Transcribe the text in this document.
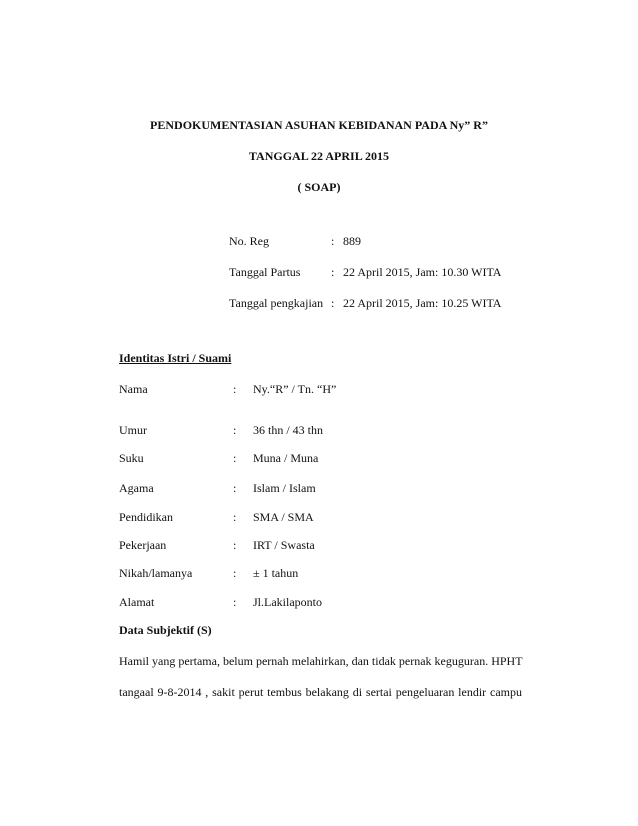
PENDOKUMENTASIAN ASUHAN KEBIDANAN PADA Ny” R”
TANGGAL 22 APRIL 2015
( SOAP)
No. Reg	: 889
Tanggal Partus	: 22 April 2015, Jam: 10.30 WITA
Tanggal pengkajian : 22 April 2015, Jam: 10.25 WITA
Identitas Istri / Suami
Nama	: Ny.“R” / Tn. “H”
Umur	: 36 thn / 43 thn
Suku	: Muna / Muna
Agama	: Islam / Islam
Pendidikan	: SMA / SMA
Pekerjaan	: IRT / Swasta
Nikah/lamanya	: ± 1 tahun
Alamat	: Jl.Lakilaponto
Data Subjektif (S)
Hamil yang pertama, belum pernah melahirkan, dan tidak pernak keguguran. HPHT
tangaal 9-8-2014 , sakit perut tembus belakang di sertai pengeluaran lendir campu
